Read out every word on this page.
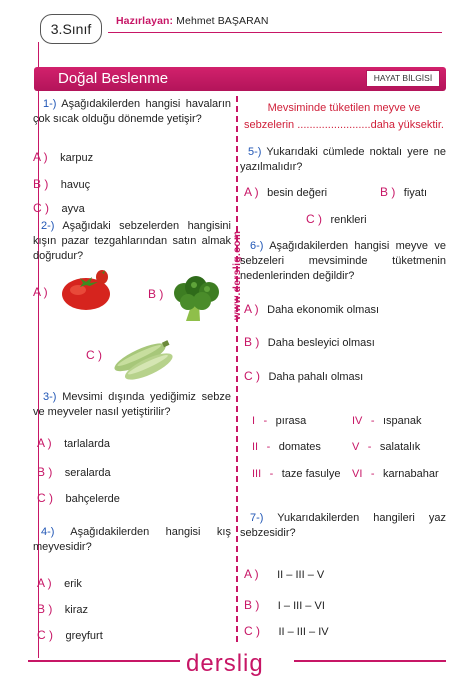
3.Sınıf	Hazırlayan: Mehmet BAŞARAN
Doğal Beslenme	HAYAT BİLGİSİ
www.derslig.com
1-) Aşağıdakilerden hangisi havaların çok sıcak olduğu dönemde yetişir?
A ) karpuz
B ) havuç
C ) ayva
2-) Aşağıdaki sebzelerden hangisini kışın pazar tezgahlarından satın almak doğrudur?
A )	B )
C )
3-) Mevsimi dışında yediğimiz sebze ve meyveler nasıl yetiştirilir?
A ) tarlalarda
B ) seralarda
C ) bahçelerde
4-) Aşağıdakilerden hangisi kış meyvesidir?
A ) erik
B ) kiraz
C ) greyfurt
Mevsiminde tüketilen meyve ve
sebzelerin ........................daha yüksektir.
5-) Yukarıdaki cümlede noktalı yere ne yazılmalıdır?
A ) besin değeri	B ) fiyatı
C ) renkleri
6-) Aşağıdakilerden hangisi meyve ve sebzeleri mevsiminde tüketmenin nedenlerinden değildir?
A ) Daha ekonomik olması
B ) Daha besleyici olması
C ) Daha pahalı olması
I - pırasa	IV - ıspanak
II - domates	V - salatalık
III - taze fasulye VI - karnabahar
7-) Yukarıdakilerden hangileri yaz sebzesidir?
A ) II – III – V
B ) I – III – VI
C ) II – III – IV
derslig
